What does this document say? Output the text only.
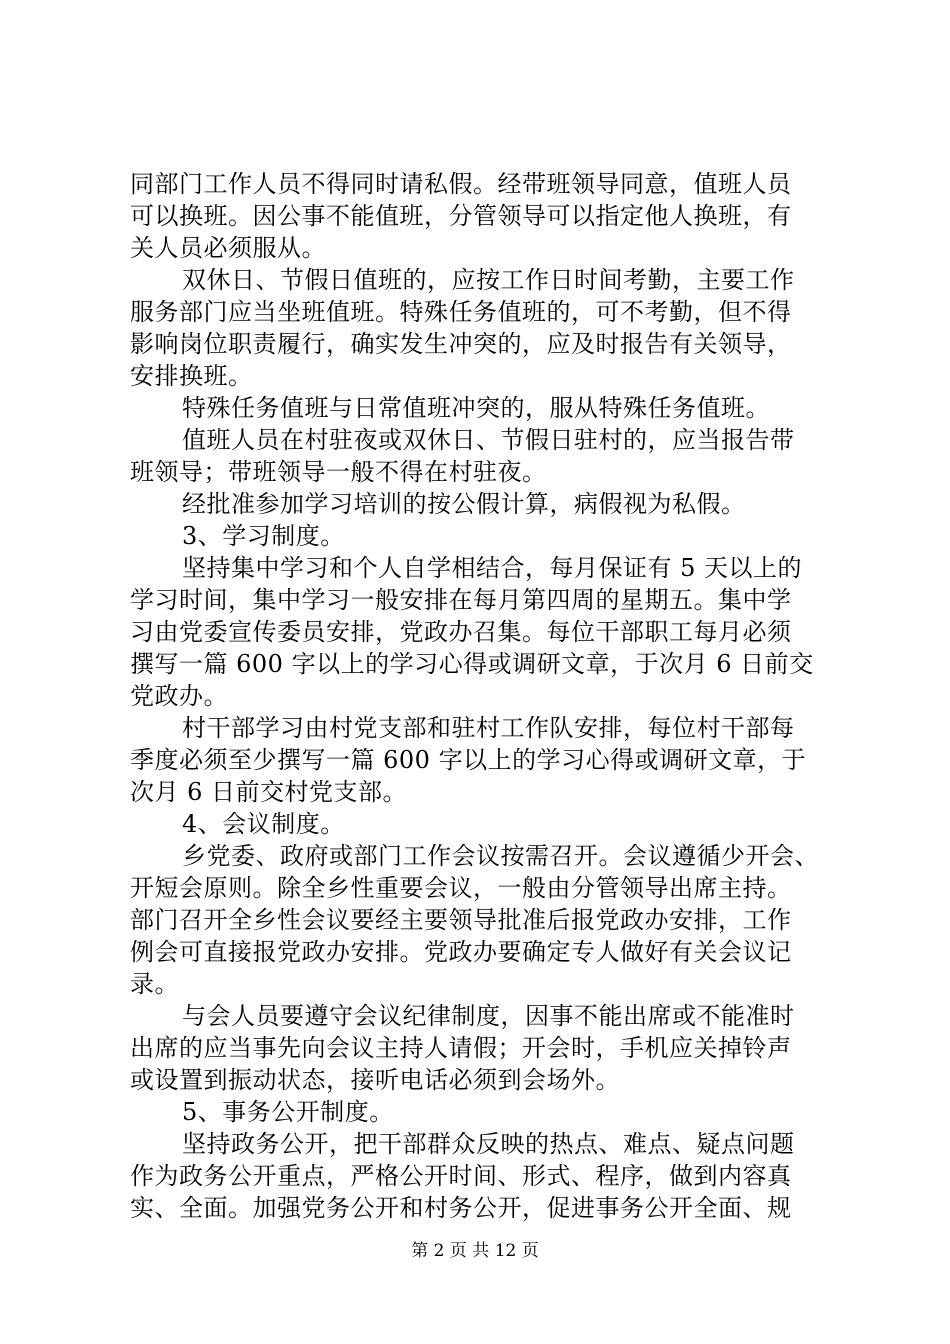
同部门工作人员不得同时请私假。经带班领导同意，值班人员
可以换班。因公事不能值班，分管领导可以指定他人换班，有
关人员必须服从。
双休日、节假日值班的，应按工作日时间考勤，主要工作
服务部门应当坐班值班。特殊任务值班的，可不考勤，但不得
影响岗位职责履行，确实发生冲突的，应及时报告有关领导，
安排换班。
特殊任务值班与日常值班冲突的，服从特殊任务值班。
值班人员在村驻夜或双休日、节假日驻村的，应当报告带
班领导；带班领导一般不得在村驻夜。
经批准参加学习培训的按公假计算，病假视为私假。
3、学习制度。
坚持集中学习和个人自学相结合，每月保证有 5 天以上的
学习时间，集中学习一般安排在每月第四周的星期五。集中学
习由党委宣传委员安排，党政办召集。每位干部职工每月必须
撰写一篇 600 字以上的学习心得或调研文章，于次月 6 日前交
党政办。
村干部学习由村党支部和驻村工作队安排，每位村干部每
季度必须至少撰写一篇 600 字以上的学习心得或调研文章，于
次月 6 日前交村党支部。
4、会议制度。
乡党委、政府或部门工作会议按需召开。会议遵循少开会、
开短会原则。除全乡性重要会议，一般由分管领导出席主持。
部门召开全乡性会议要经主要领导批准后报党政办安排，工作
例会可直接报党政办安排。党政办要确定专人做好有关会议记
录。
与会人员要遵守会议纪律制度，因事不能出席或不能准时
出席的应当事先向会议主持人请假；开会时，手机应关掉铃声
或设置到振动状态，接听电话必须到会场外。
5、事务公开制度。
坚持政务公开，把干部群众反映的热点、难点、疑点问题
作为政务公开重点，严格公开时间、形式、程序，做到内容真
实、全面。加强党务公开和村务公开，促进事务公开全面、规
第 2 页 共 12 页
